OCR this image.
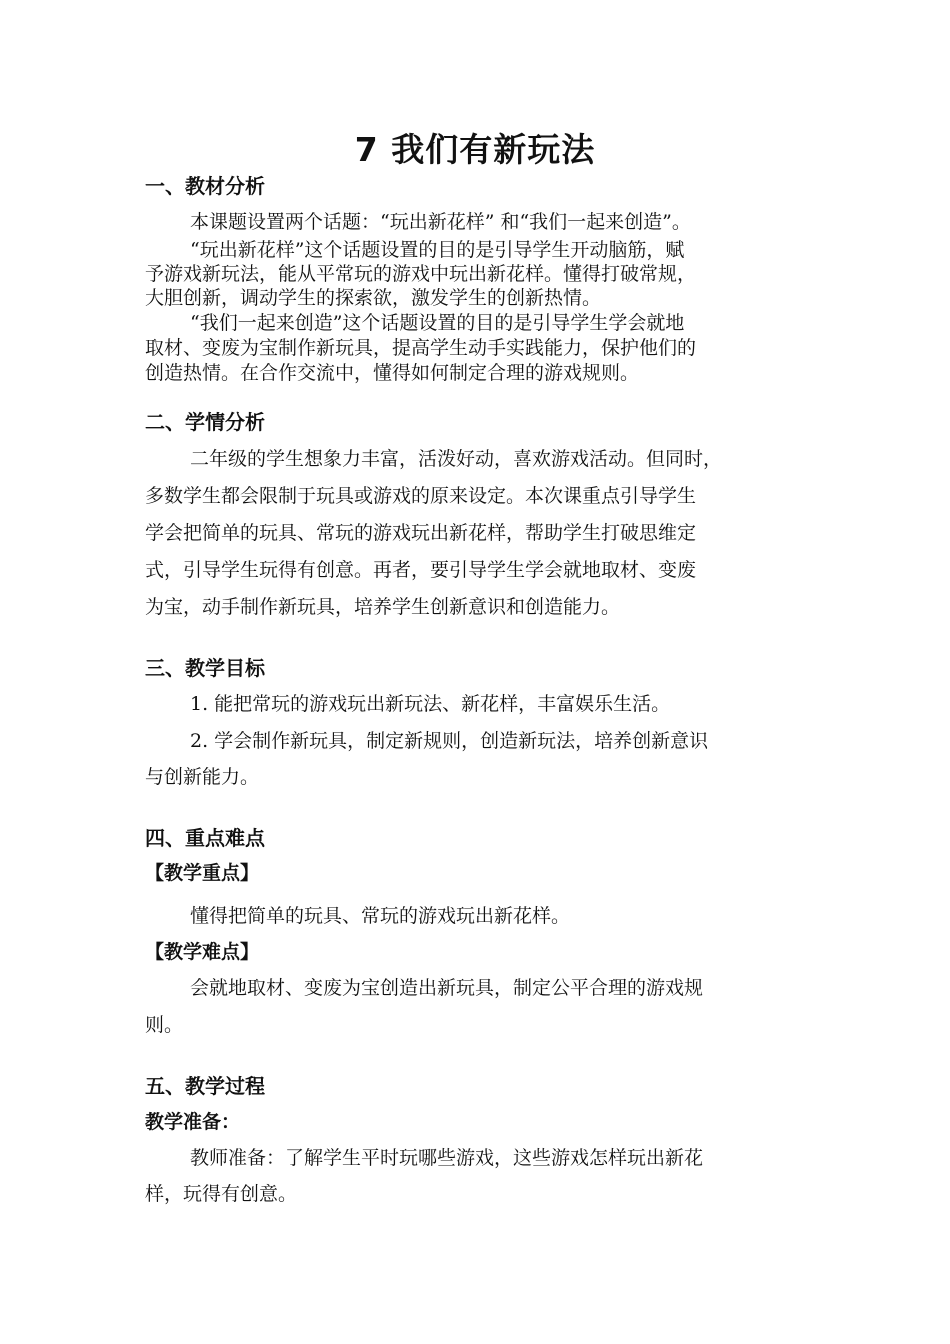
7 我们有新玩法
一、教材分析
本课题设置两个话题：“玩出新花样” 和“我们一起来创造”。
“玩出新花样”这个话题设置的目的是引导学生开动脑筋，赋
予游戏新玩法，能从平常玩的游戏中玩出新花样。懂得打破常规，
大胆创新，调动学生的探索欲，激发学生的创新热情。
“我们一起来创造”这个话题设置的目的是引导学生学会就地
取材、变废为宝制作新玩具，提高学生动手实践能力，保护他们的
创造热情。在合作交流中，懂得如何制定合理的游戏规则。
二、学情分析
二年级的学生想象力丰富，活泼好动，喜欢游戏活动。但同时，
多数学生都会限制于玩具或游戏的原来设定。本次课重点引导学生
学会把简单的玩具、常玩的游戏玩出新花样，帮助学生打破思维定
式，引导学生玩得有创意。再者，要引导学生学会就地取材、变废
为宝，动手制作新玩具，培养学生创新意识和创造能力。
三、教学目标
1. 能把常玩的游戏玩出新玩法、新花样，丰富娱乐生活。
2. 学会制作新玩具，制定新规则，创造新玩法，培养创新意识
与创新能力。
四、重点难点
【教学重点】
懂得把简单的玩具、常玩的游戏玩出新花样。
【教学难点】
会就地取材、变废为宝创造出新玩具，制定公平合理的游戏规
则。
五、教学过程
教学准备：
教师准备：了解学生平时玩哪些游戏，这些游戏怎样玩出新花
样，玩得有创意。
